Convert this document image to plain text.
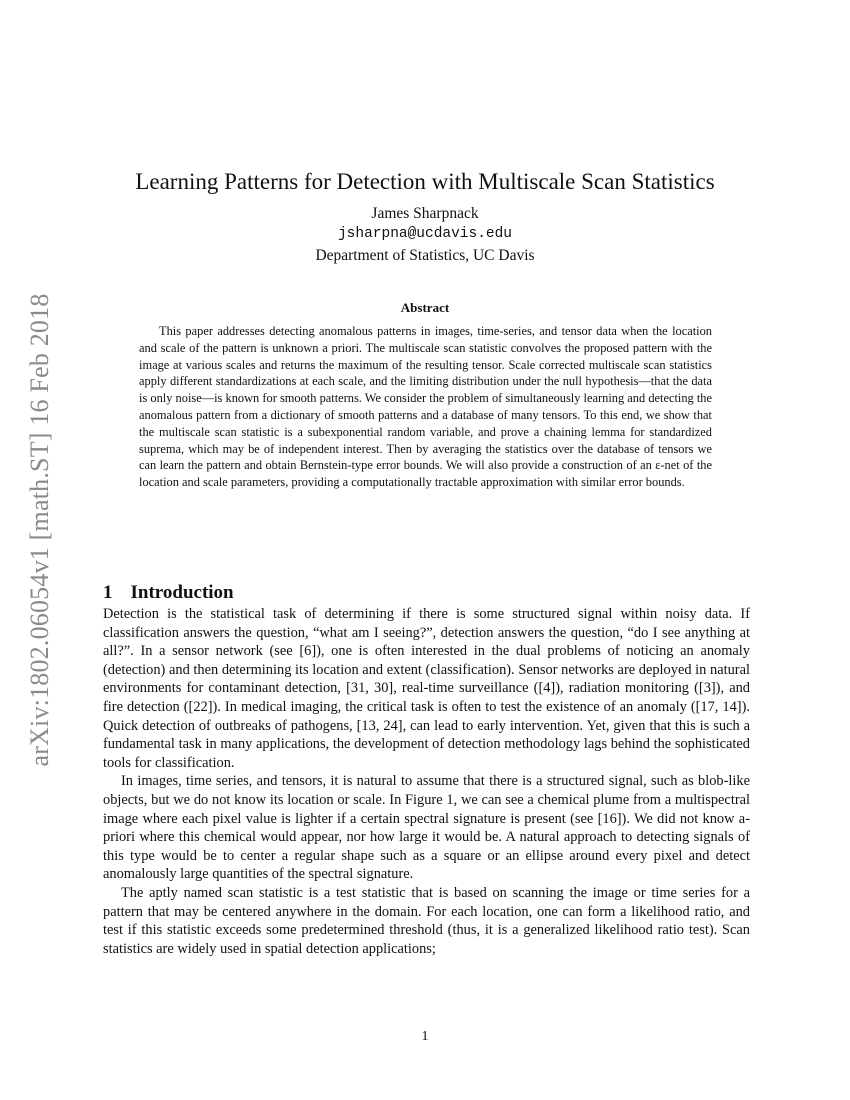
arXiv:1802.06054v1 [math.ST] 16 Feb 2018
Learning Patterns for Detection with Multiscale Scan Statistics
James Sharpnack
jsharpna@ucdavis.edu
Department of Statistics, UC Davis
Abstract
This paper addresses detecting anomalous patterns in images, time-series, and tensor data when the location and scale of the pattern is unknown a priori. The multiscale scan statistic convolves the proposed pattern with the image at various scales and returns the maximum of the resulting tensor. Scale corrected multiscale scan statistics apply different standardizations at each scale, and the limiting distribution under the null hypothesis—that the data is only noise—is known for smooth patterns. We consider the problem of simultaneously learning and detecting the anomalous pattern from a dictionary of smooth patterns and a database of many tensors. To this end, we show that the multiscale scan statistic is a subexponential random variable, and prove a chaining lemma for standardized suprema, which may be of independent interest. Then by averaging the statistics over the database of tensors we can learn the pattern and obtain Bernstein-type error bounds. We will also provide a construction of an ε-net of the location and scale parameters, providing a computationally tractable approximation with similar error bounds.
1 Introduction

Detection is the statistical task of determining if there is some structured signal within noisy data. If classification answers the question, “what am I seeing?”, detection answers the question, “do I see anything at all?”. In a sensor network (see [6]), one is often interested in the dual problems of noticing an anomaly (detection) and then determining its location and extent (classification). Sensor networks are deployed in natural environments for contaminant detection, [31, 30], real-time surveillance ([4]), radiation monitoring ([3]), and fire detection ([22]). In medical imaging, the critical task is often to test the existence of an anomaly ([17, 14]). Quick detection of outbreaks of pathogens, [13, 24], can lead to early intervention. Yet, given that this is such a fundamental task in many applications, the development of detection methodology lags behind the sophisticated tools for classification.

In images, time series, and tensors, it is natural to assume that there is a structured signal, such as blob-like objects, but we do not know its location or scale. In Figure 1, we can see a chemical plume from a multispectral image where each pixel value is lighter if a certain spectral signature is present (see [16]). We did not know a-priori where this chemical would appear, nor how large it would be. A natural approach to detecting signals of this type would be to center a regular shape such as a square or an ellipse around every pixel and detect anomalously large quantities of the spectral signature.

The aptly named scan statistic is a test statistic that is based on scanning the image or time series for a pattern that may be centered anywhere in the domain. For each location, one can form a likelihood ratio, and test if this statistic exceeds some predetermined threshold (thus, it is a generalized likelihood ratio test). Scan statistics are widely used in spatial detection applications;

1
